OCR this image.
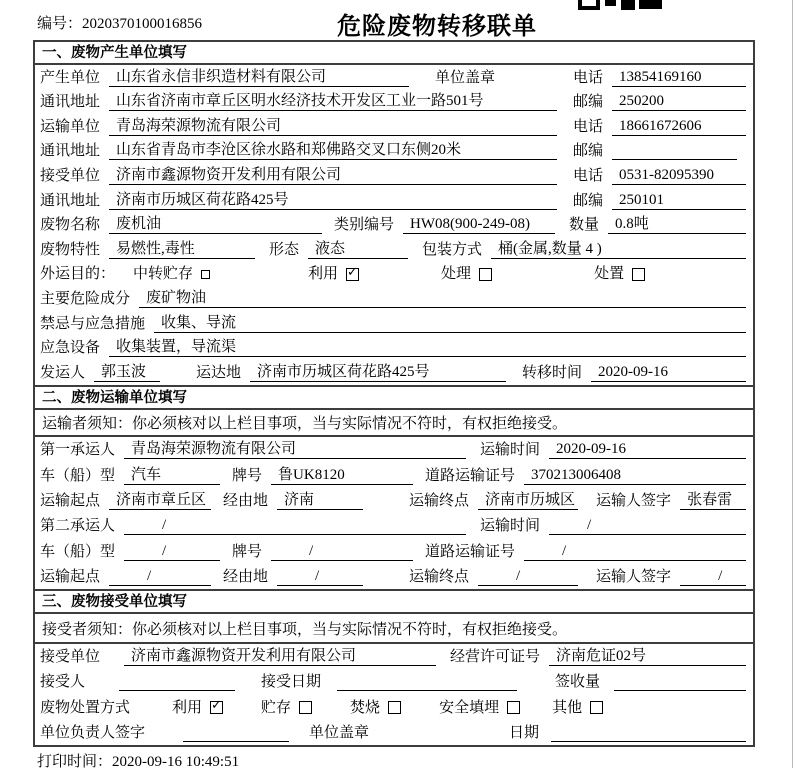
编号：2020370100016856	危险废物转移联单
一、废物产生单位填写
产生单位	山东省永信非织造材料有限公司	单位盖章	电话	13854169160
通讯地址	山东省济南市章丘区明水经济技术开发区工业一路501号	邮编	250200
运输单位	青岛海荣源物流有限公司	电话	18661672606
通讯地址	山东省青岛市李沧区徐水路和郑佛路交叉口东侧20米	邮编
接受单位	济南市鑫源物资开发利用有限公司	电话	0531-82095390
通讯地址	济南市历城区荷花路425号	邮编	250101
废物名称	废机油	类别编号	HW08(900-249-08)	数量	0.8吨
废物特性	易燃性,毒性	形态	液态	包装方式	桶(金属,数量 4 )
外运目的： 中转贮存	利用 ✓	处理	处置
主要危险成分	废矿物油
禁忌与应急措施	收集、导流
应急设备	收集装置，导流渠
发运人	郭玉波	运达地	济南市历城区荷花路425号	转移时间	2020-09-16
二、废物运输单位填写
运输者须知：你必须核对以上栏目事项，当与实际情况不符时，有权拒绝接受。
第一承运人	青岛海荣源物流有限公司	运输时间	2020-09-16
车（船）型	汽车	牌号	鲁UK8120	道路运输证号	370213006408
运输起点	济南市章丘区	经由地	济南	运输终点	济南市历城区 运输人签字	张春雷
第二承运人	/	运输时间	/
车（船）型	/	牌号	/	道路运输证号	/
运输起点	/	经由地	/	运输终点	/	运输人签字	/
三、废物接受单位填写
接受者须知：你必须核对以上栏目事项，当与实际情况不符时，有权拒绝接受。
接受单位	济南市鑫源物资开发利用有限公司	经营许可证号	济南危证02号
接受人	接受日期	签收量
废物处置方式	利用 ✓	贮存	焚烧	安全填埋	其他
单位负责人签字	单位盖章	日期
打印时间：2020-09-16 10:49:51
